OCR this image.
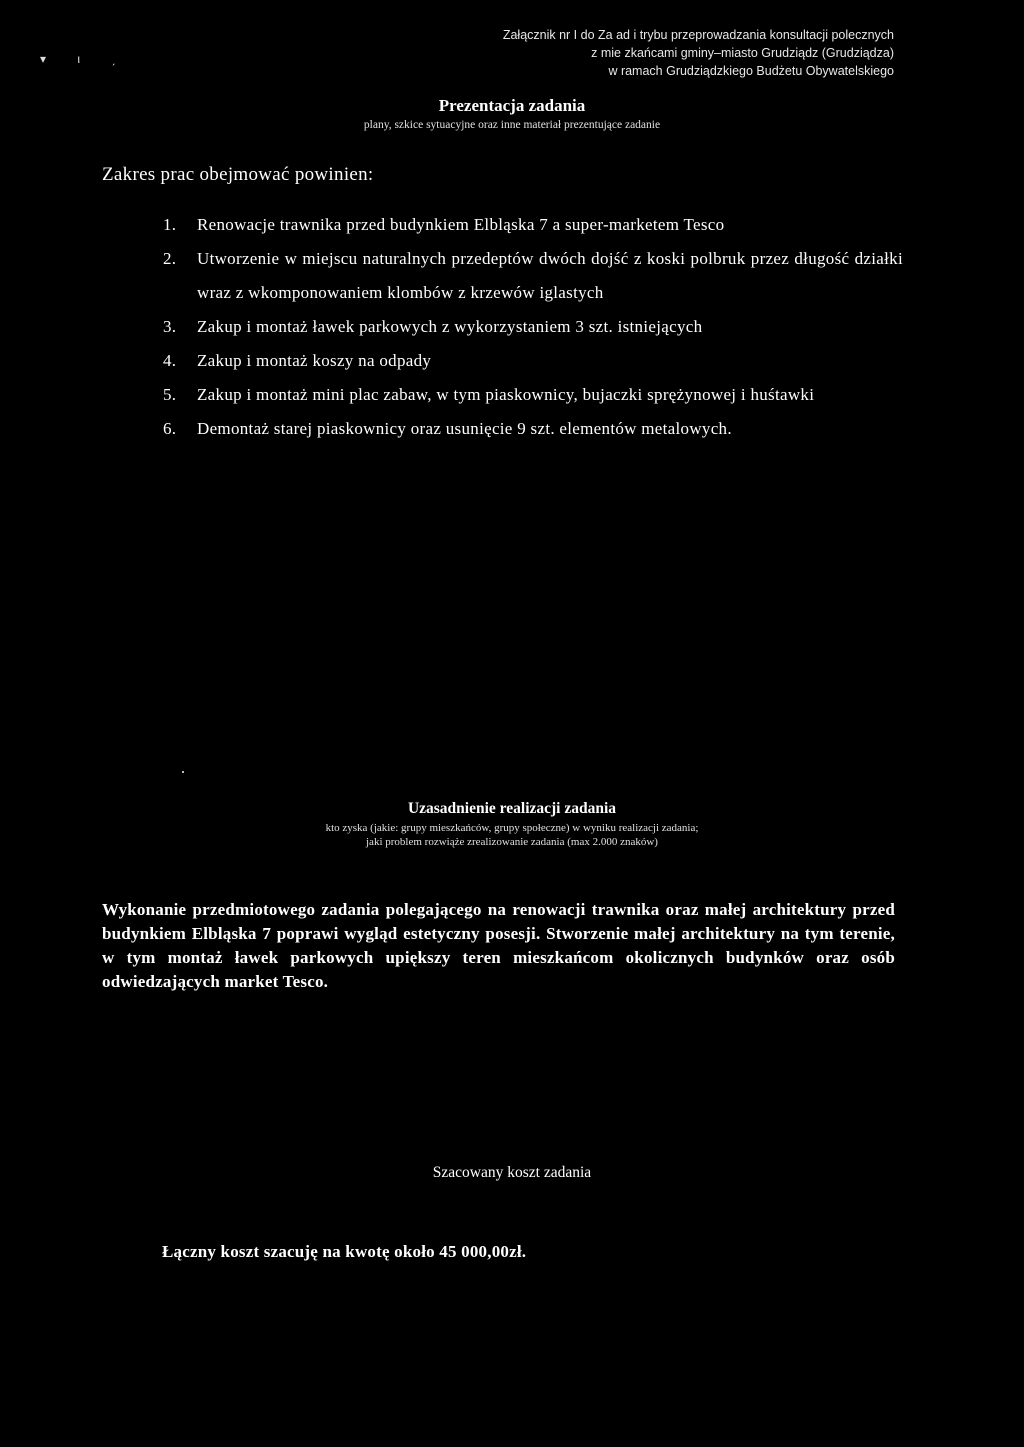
Załącznik nr I do Za ad i trybu przeprowadzania konsultacji polecznych
z mie zkańcami gminy–miasto Grudziądz (Grudziądza)
w ramach Grudziądzkiego Budżetu Obywatelskiego
▾ ι ˏ
Prezentacja zadania
plany, szkice sytuacyjne oraz inne materiał prezentujące zadanie
Zakres prac obejmować powinien:
1. Renowacje trawnika przed budynkiem Elbląska 7 a super-marketem Tesco
2. Utworzenie w miejscu naturalnych przedeptów dwóch dojść z koski polbruk przez długość działki wraz z wkomponowaniem klombów z krzewów iglastych
3. Zakup i montaż ławek parkowych z wykorzystaniem 3 szt. istniejących
4. Zakup i montaż koszy na odpady
5. Zakup i montaż mini plac zabaw, w tym piaskownicy, bujaczki sprężynowej i huśtawki
6. Demontaż starej piaskownicy oraz usunięcie 9 szt. elementów metalowych.
Uzasadnienie realizacji zadania
kto zyska (jakie: grupy mieszkańców, grupy społeczne) w wyniku realizacji zadania;
jaki problem rozwiąże zrealizowanie zadania (max 2.000 znaków)
Wykonanie przedmiotowego zadania polegającego na renowacji trawnika oraz małej architektury przed budynkiem Elbląska 7 poprawi wygląd estetyczny posesji. Stworzenie małej architektury na tym terenie, w tym montaż ławek parkowych upiększy teren mieszkańcom okolicznych budynków oraz osób odwiedzających market Tesco.
Szacowany koszt zadania
Łączny koszt szacuję na kwotę około 45 000,00zł.
